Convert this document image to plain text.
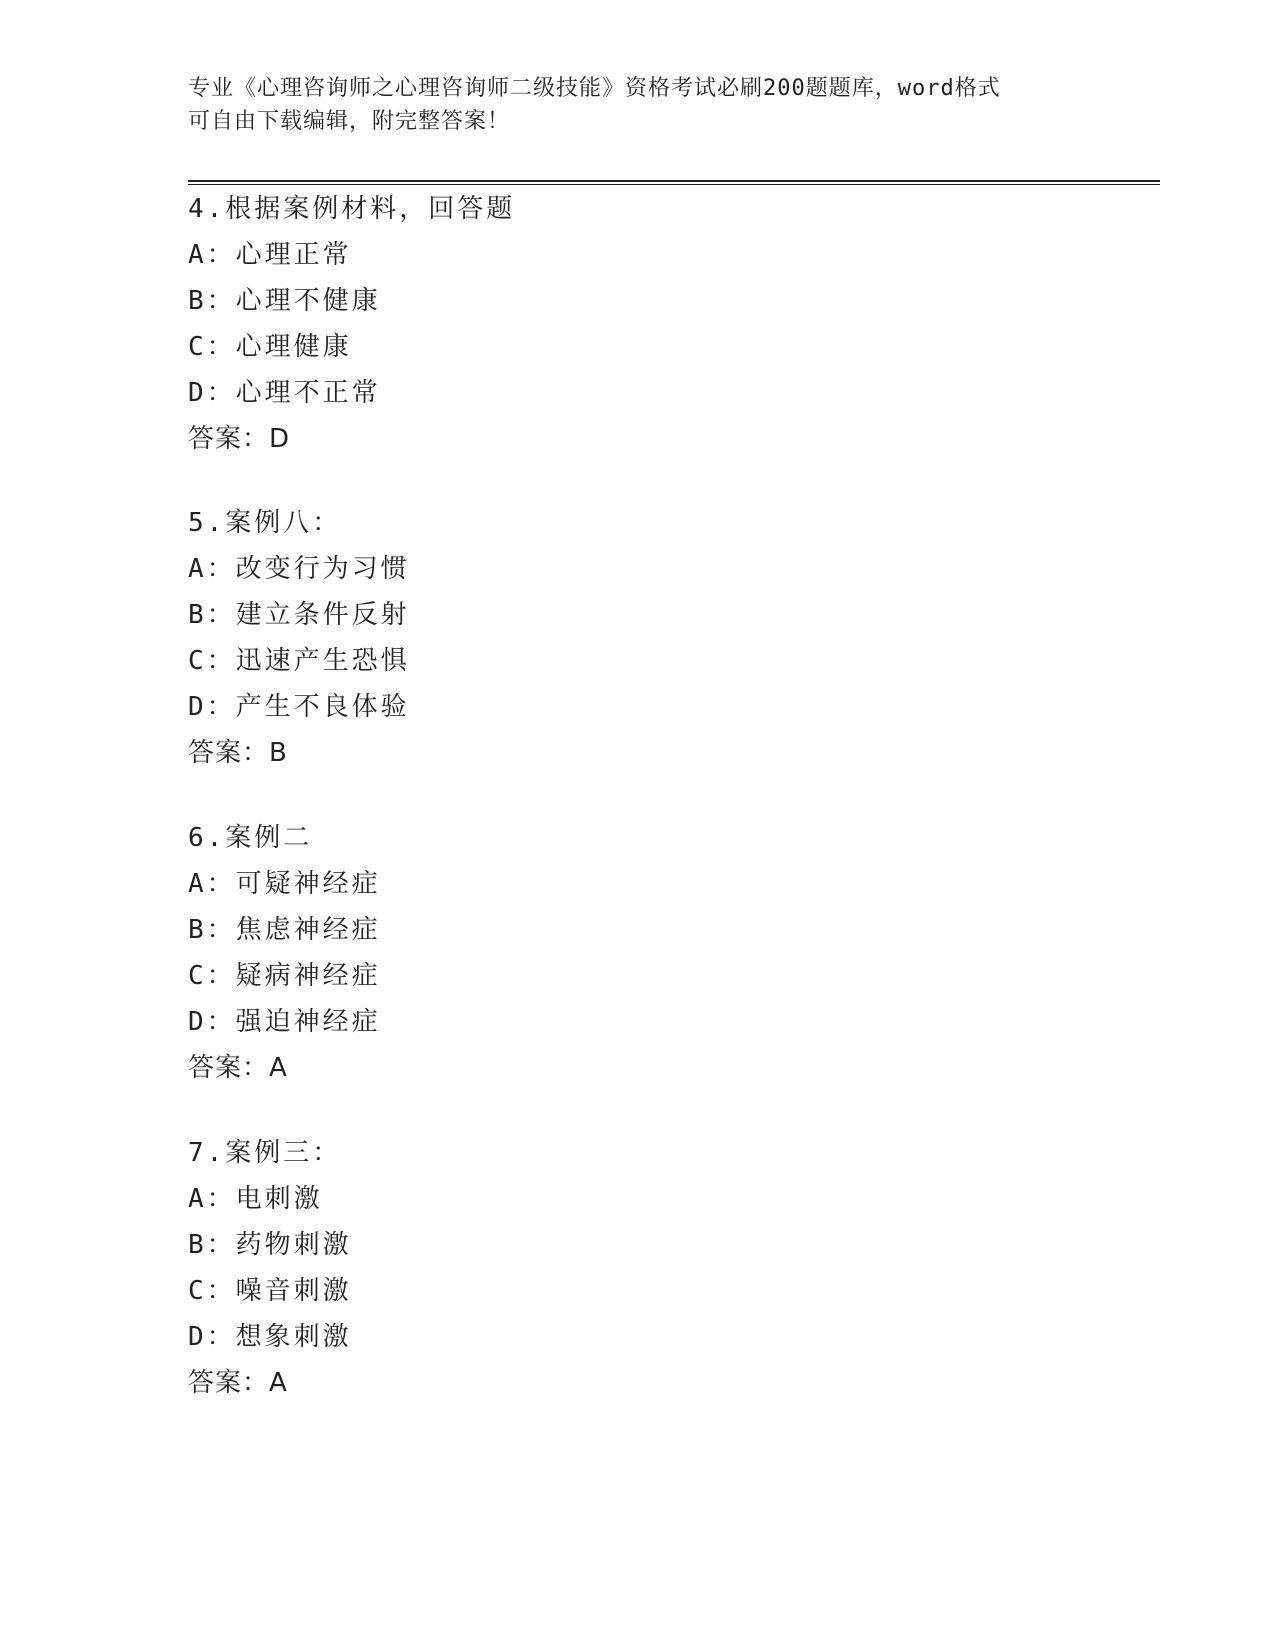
专业《心理咨询师之心理咨询师二级技能》资格考试必刷200题题库，word格式
可自由下载编辑，附完整答案！
4.根据案例材料，回答题
A：心理正常
B：心理不健康
C：心理健康
D：心理不正常
答案：D
5.案例八：
A：改变行为习惯
B：建立条件反射
C：迅速产生恐惧
D：产生不良体验
答案：B
6.案例二
A：可疑神经症
B：焦虑神经症
C：疑病神经症
D：强迫神经症
答案：A
7.案例三：
A：电刺激
B：药物刺激
C：噪音刺激
D：想象刺激
答案：A
